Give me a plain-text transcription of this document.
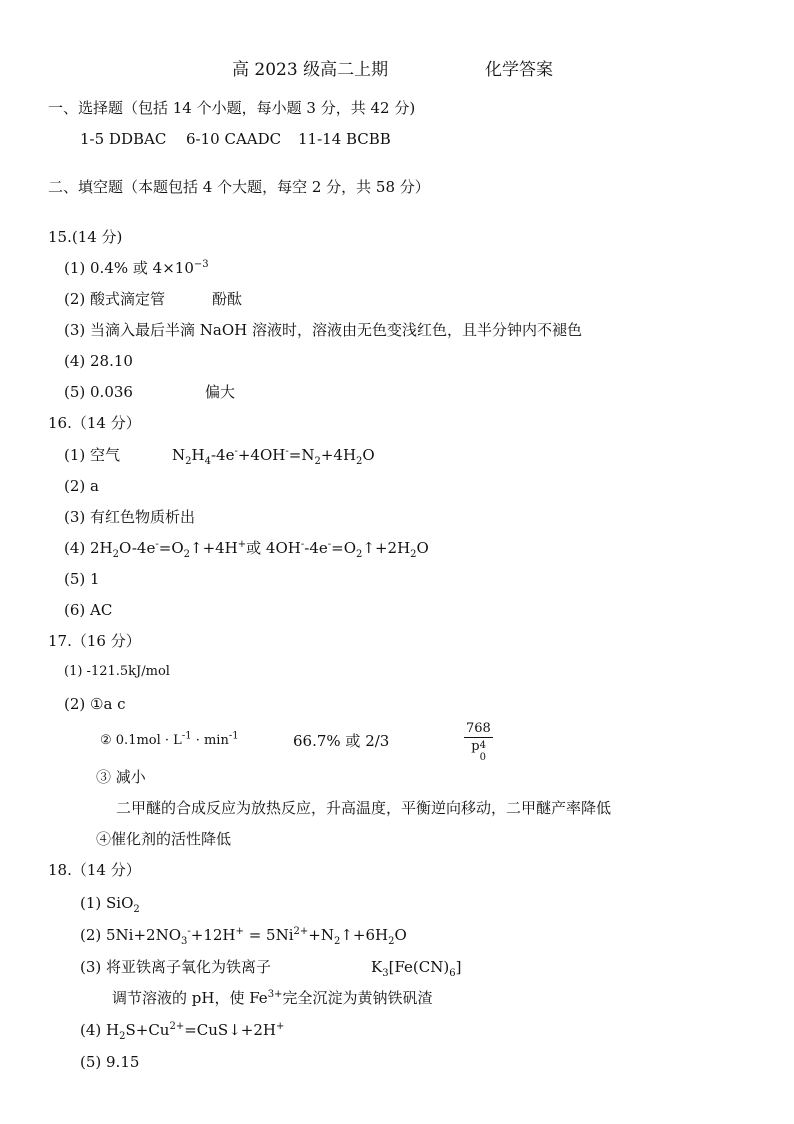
高 2023 级高二上期	化学答案
一、选择题（包括 14 个小题，每小题 3 分，共 42 分)
1-5 DDBAC 6-10 CAADC 11-14 BCBB
二、填空题（本题包括 4 个大题，每空 2 分，共 58 分）
15.(14 分)
(1) 0.4% 或 $4\times 10^{-3}$
(2) 酸式滴定管	酚酞
(3) 当滴入最后半滴 NaOH 溶液时，溶液由无色变浅红色，且半分钟内不褪色
(4) 28.10
(5) 0.036	偏大
16.（14 分）
(1) 空气	$N_2H_4-4e^-+4OH^-=N_2+4H_2O$
(2) a
(3) 有红色物质析出
(4) $2H_2O-4e^-=O_2↑+4H^+$或 $4OH^--4e^-=O_2↑+2H_2O$
(5) 1
(6) AC
17.（16 分）
(1) -121.5kJ/mol
(2) ①a c
② $0.1mol \cdot L^{-1} \cdot \min^{-1}$	66.7% 或 2/3	768
p 4
0
③ 减小
二甲醚的合成反应为放热反应，升高温度，平衡逆向移动，二甲醚产率降低
④催化剂的活性降低
18.（14 分）
(1) SiO$_2$
(2) $5Ni+2NO_3^-+12H^+$ = $5Ni^{2+}+N_2↑+6H_2O$
(3) 将亚铁离子氧化为铁离子	$K_3[Fe(CN)_6]$
调节溶液的 pH，使 $Fe^{3+}$完全沉淀为黄钠铁矾渣
(4) $H_2S+Cu^{2+}=CuS↓+2H^+$
(5) 9.15
